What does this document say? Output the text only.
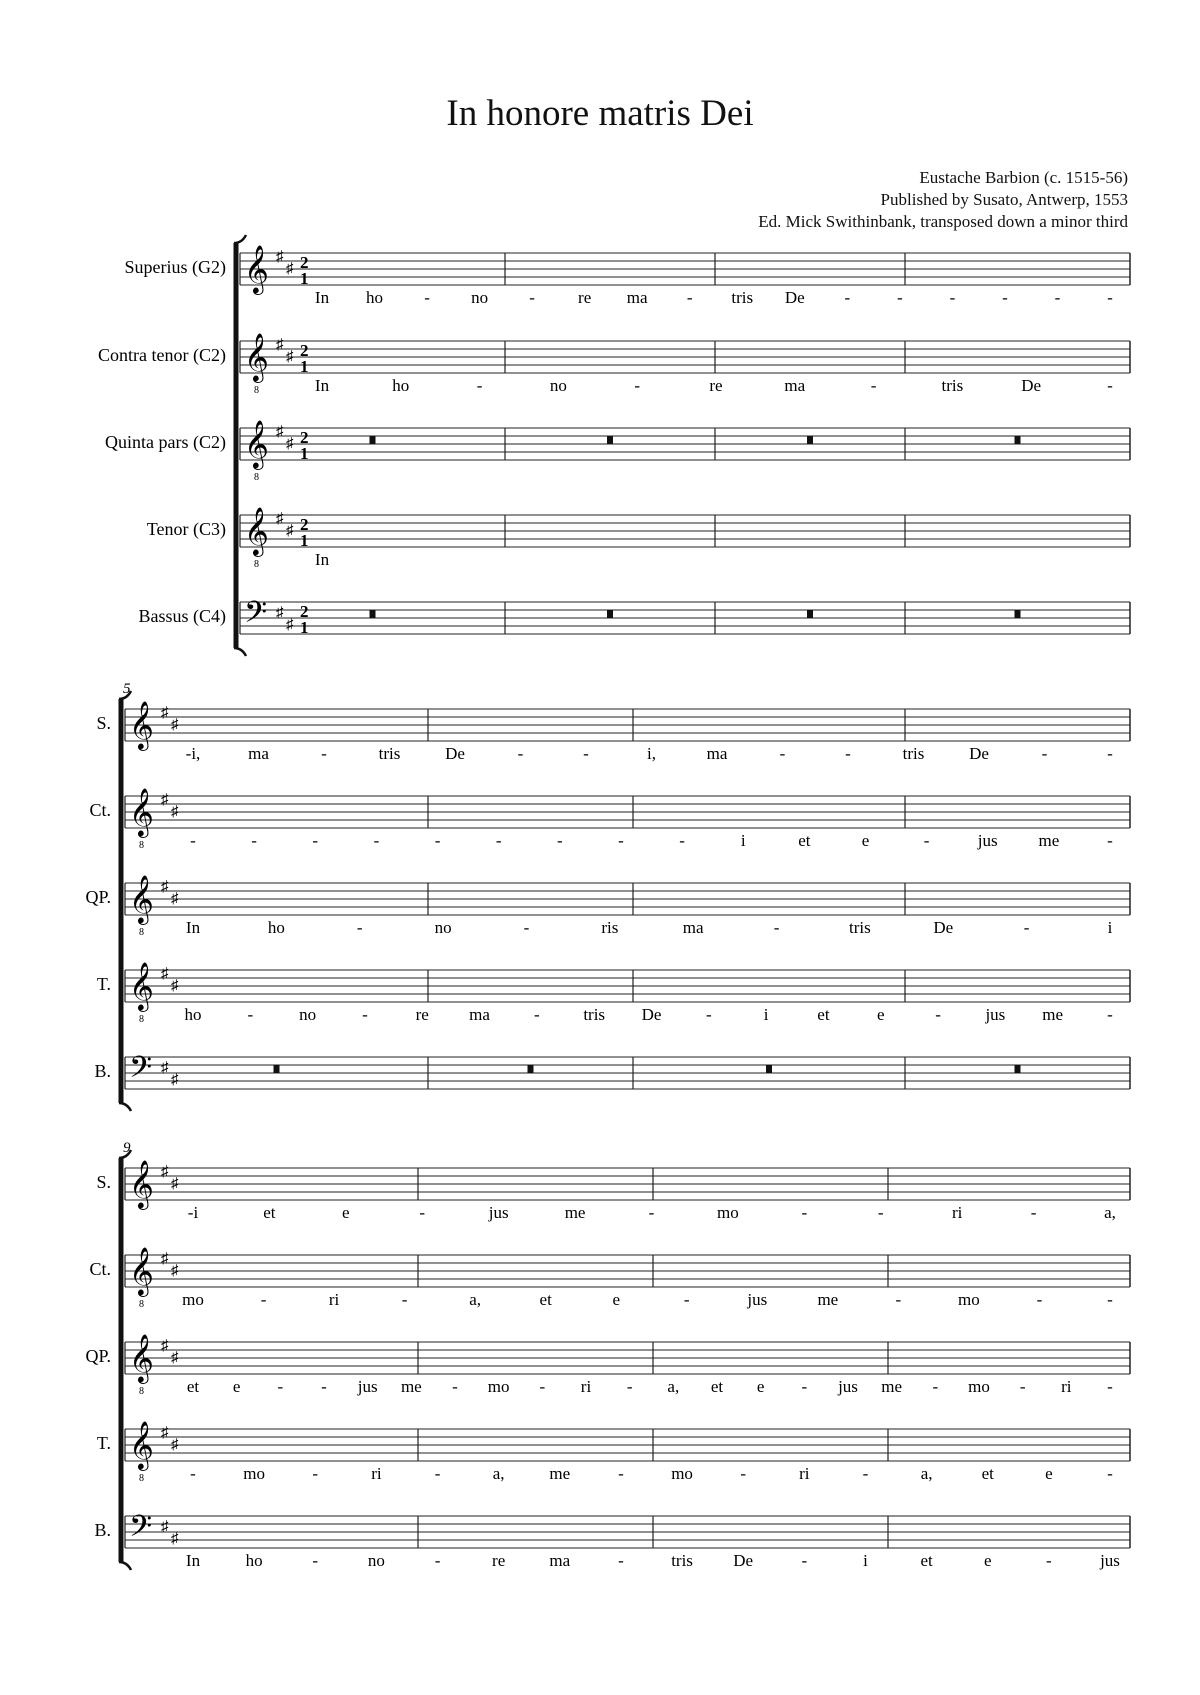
In honore matris Dei
Eustache Barbion (c. 1515-56)
Published by Susato, Antwerp, 1553
Ed. Mick Swithinbank, transposed down a minor third
Superius (G2) 𝄞 ♯
♯ 2
1
In ho - no -	re ma - tris De -	-	-	-	-	-
Contra tenor (C2) 𝄞
8
♯
♯ 2
1
In	ho	-	no	-	re	ma	-	tris	De	-
Quinta pars (C2) 𝄞
8
♯
♯ 2
1
Tenor (C3) 𝄞
8
♯
♯ 2
1
In
Bassus (C4) 𝄢 ♯
♯
2
1
5
S. 𝄞 ♯
♯
-i,	ma	-	tris	De	-	-	i,	ma	-	-	tris	De	-	-
Ct. 𝄞
8
♯
♯
-	-	-	-	-	-	-	-	-	i	et	e	-	jus me	-
QP. 𝄞
8
♯
♯
In	ho	-	no	-	ris	ma	-	tris	De	-	i
T. 𝄞
8
♯
♯
ho	-	no	-	re ma	-	tris De	-	i	et	e	-	jus me	-
B. 𝄢 ♯
♯
9
S. 𝄞 ♯
♯
-i	et	e	-	jus	me	-	mo	-	-	ri	-	a,
Ct. 𝄞
8
♯
♯
mo	-	ri	-	a,	et	e	-	jus	me	-	mo	-	-
QP. 𝄞
8
♯
♯
et e - - jus me - mo - ri - a, et e - jus me - mo - ri -
T. 𝄞
8
♯
♯
-	mo	-	ri	-	a,	me	-	mo	-	ri	-	a,	et	e	-
B. 𝄢 ♯
♯
In	ho	-	no	-	re	ma	-	tris De	-	i	et	e	-	jus
